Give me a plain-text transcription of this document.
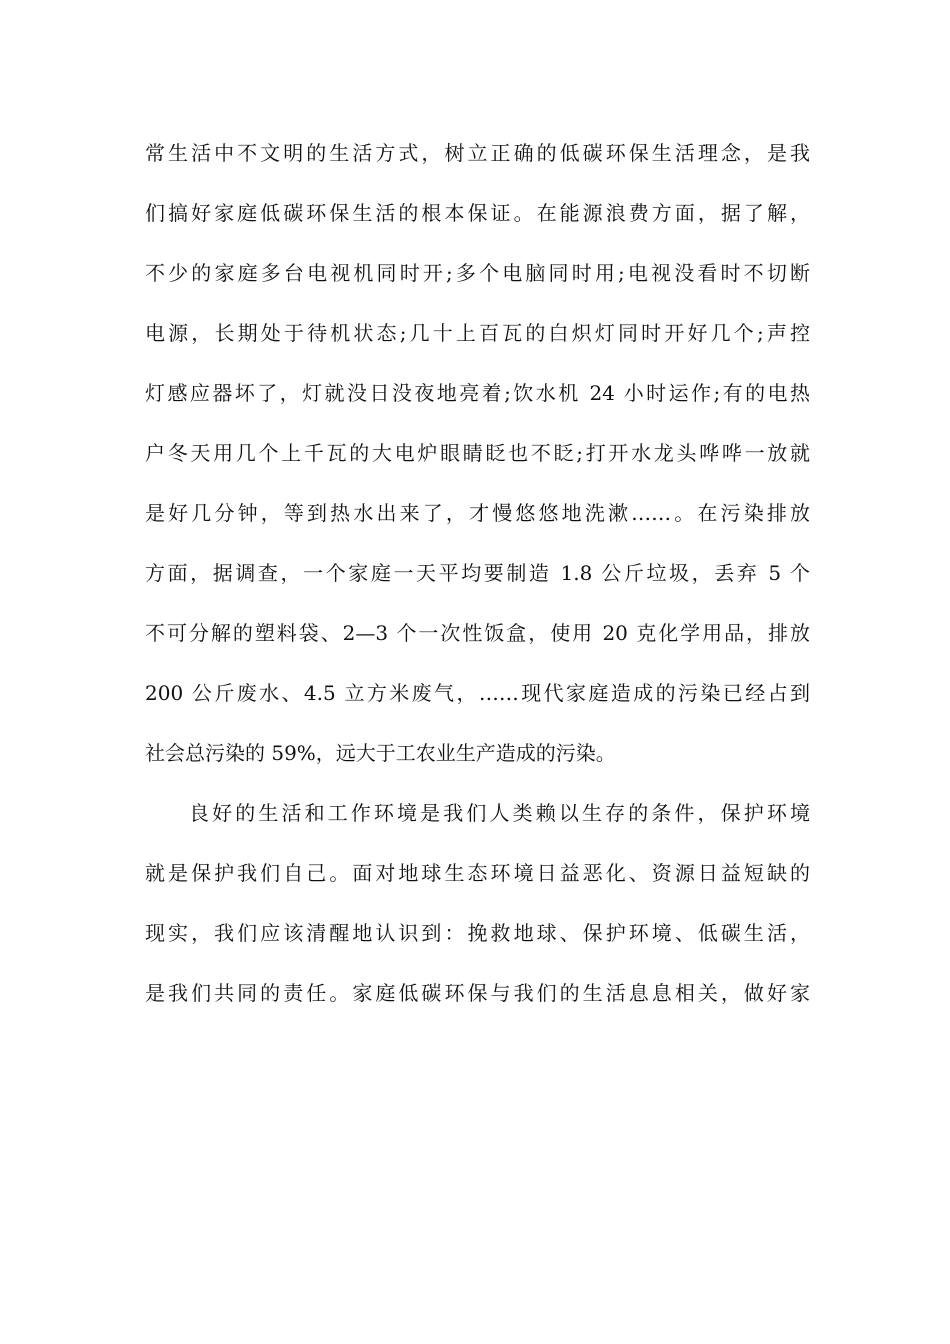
常生活中不文明的生活方式，树立正确的低碳环保生活理念，是我
们搞好家庭低碳环保生活的根本保证。在能源浪费方面，据了解，
不少的家庭多台电视机同时开;多个电脑同时用;电视没看时不切断
电源，长期处于待机状态;几十上百瓦的白炽灯同时开好几个;声控
灯感应器坏了，灯就没日没夜地亮着;饮水机 24 小时运作;有的电热
户冬天用几个上千瓦的大电炉眼睛眨也不眨;打开水龙头哗哗一放就
是好几分钟，等到热水出来了，才慢悠悠地洗漱……。在污染排放
方面，据调查，一个家庭一天平均要制造 1.8 公斤垃圾，丢弃 5 个
不可分解的塑料袋、2—3 个一次性饭盒，使用 20 克化学用品，排放
200 公斤废水、4.5 立方米废气，……现代家庭造成的污染已经占到
社会总污染的 59%，远大于工农业生产造成的污染。
良好的生活和工作环境是我们人类赖以生存的条件，保护环境
就是保护我们自己。面对地球生态环境日益恶化、资源日益短缺的
现实，我们应该清醒地认识到：挽救地球、保护环境、低碳生活，
是我们共同的责任。家庭低碳环保与我们的生活息息相关，做好家
